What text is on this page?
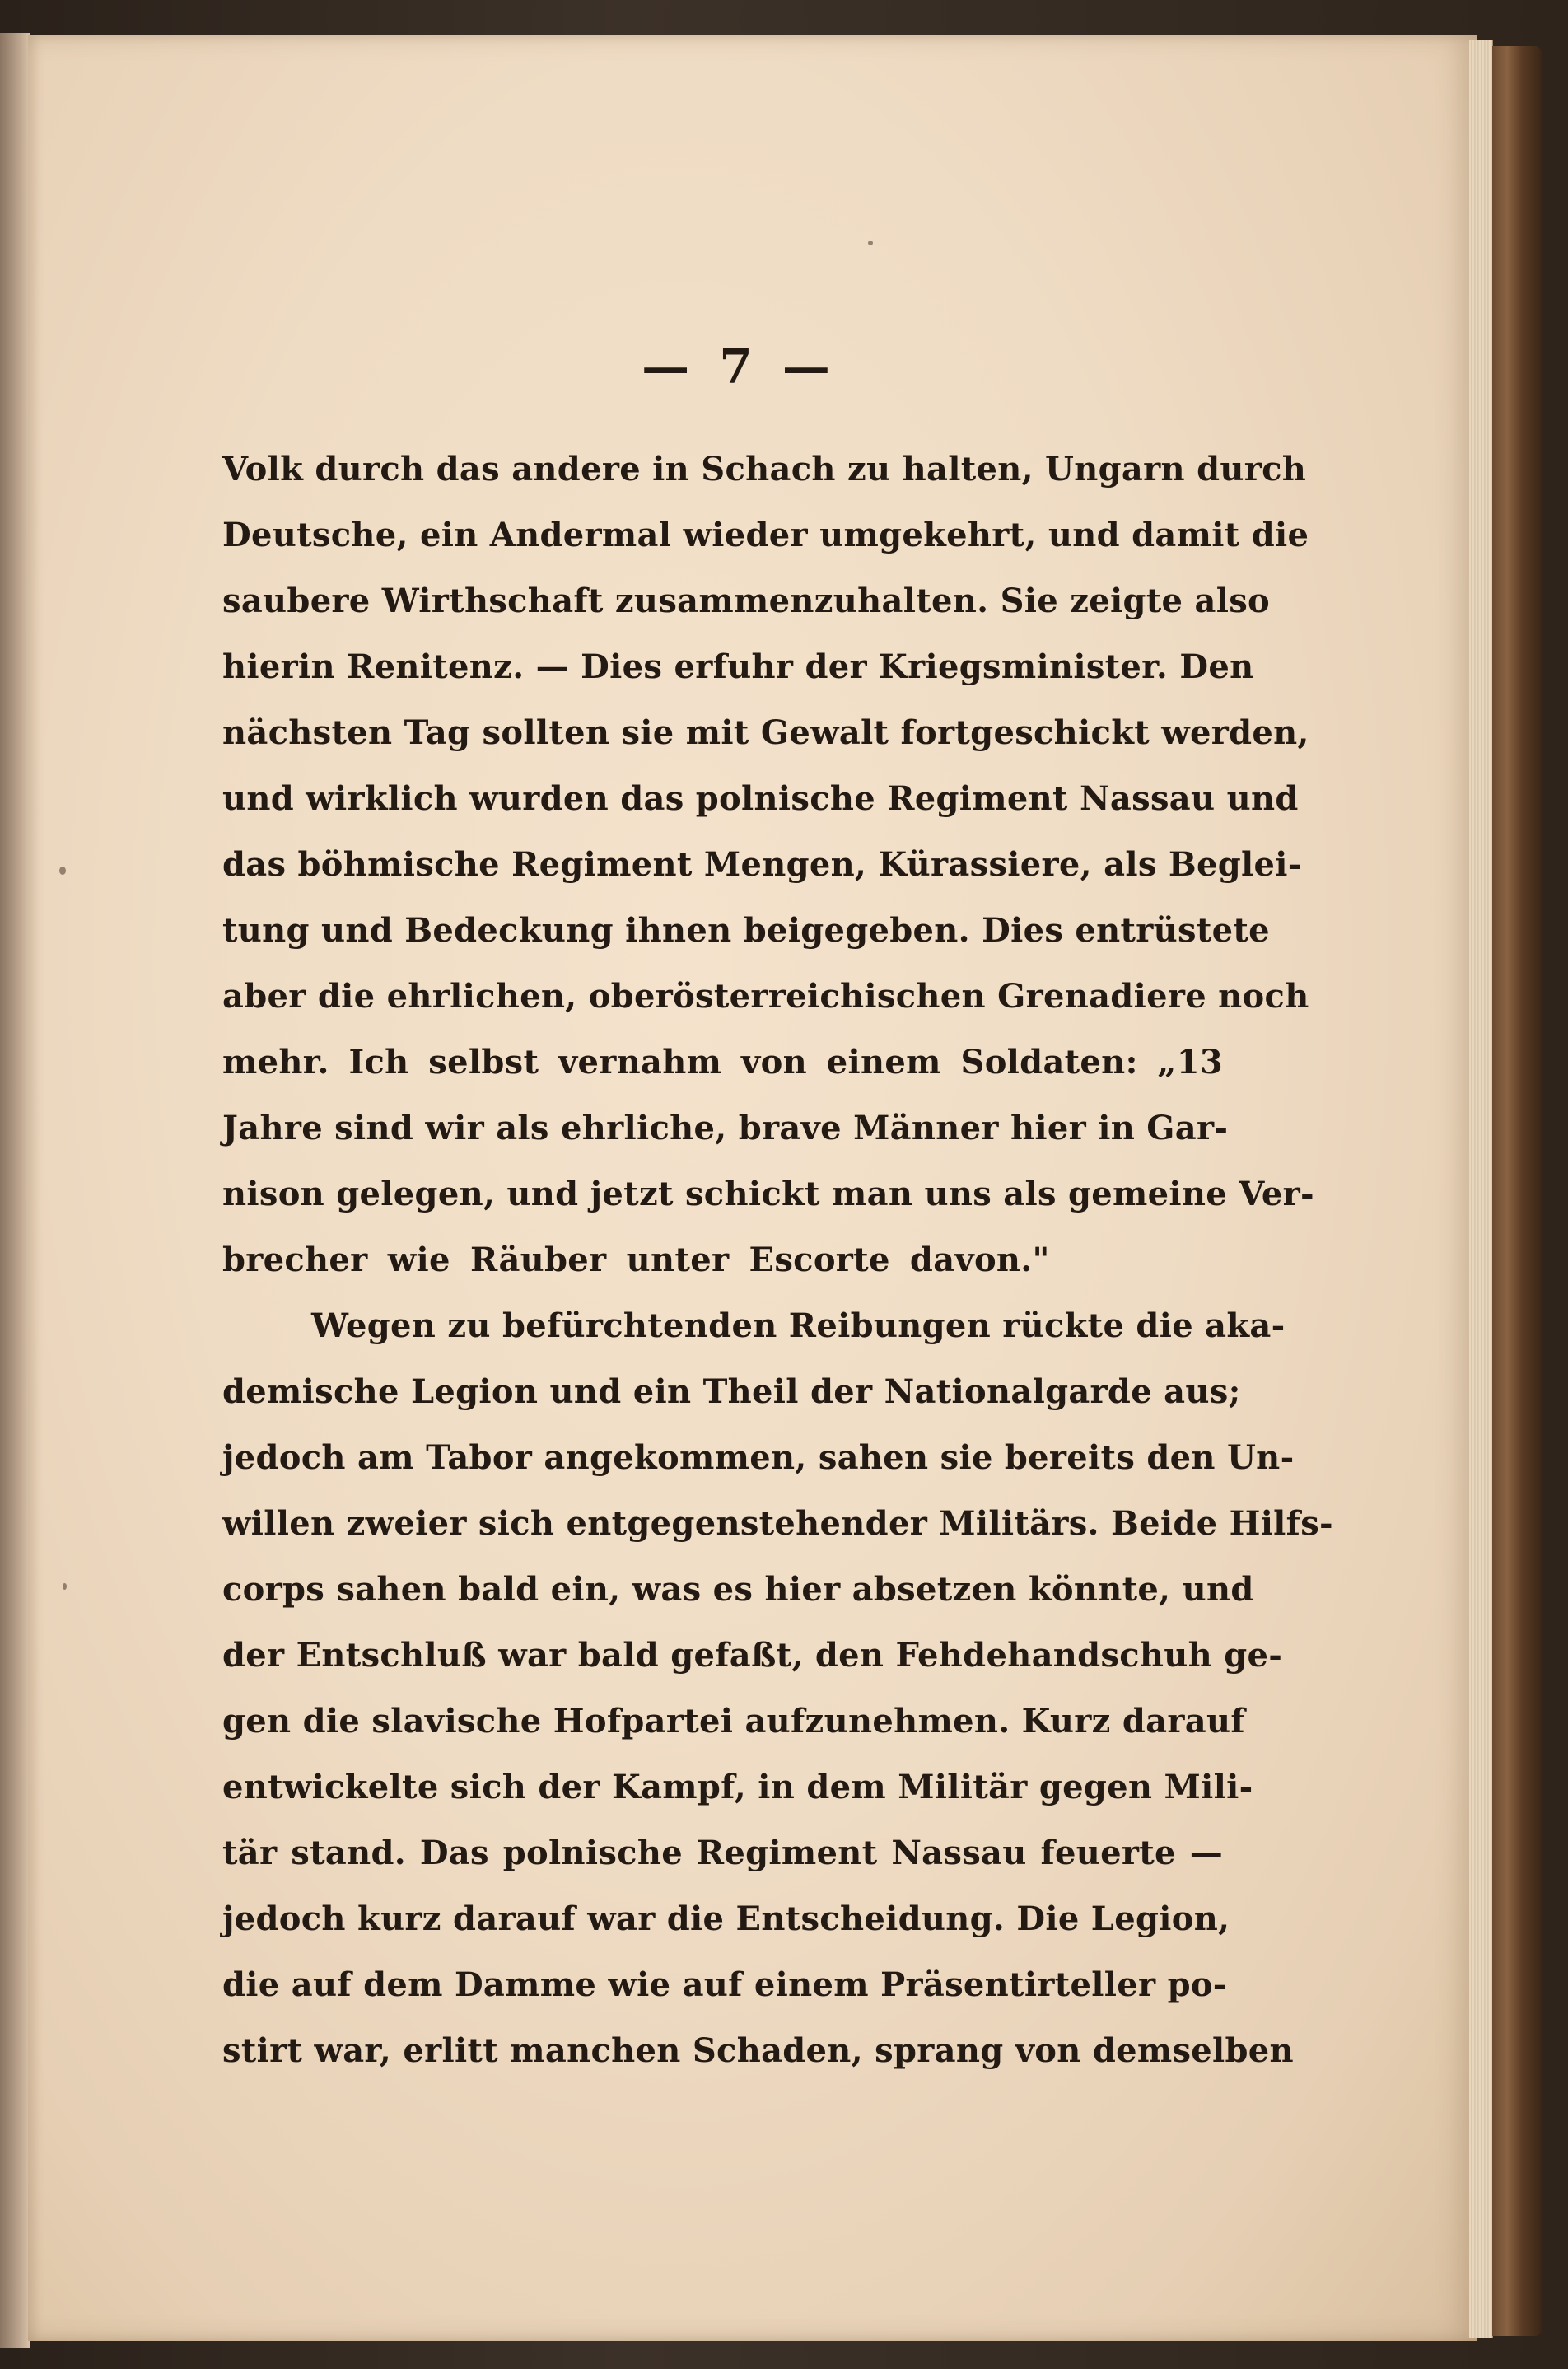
— 7 —
Volk durch das andere in Schach zu halten, Ungarn durch
Deutsche, ein Andermal wieder umgekehrt, und damit die
saubere Wirthschaft zusammenzuhalten. Sie zeigte also
hierin Renitenz. — Dies erfuhr der Kriegsminister. Den
nächsten Tag sollten sie mit Gewalt fortgeschickt werden,
und wirklich wurden das polnische Regiment Nassau und
das böhmische Regiment Mengen, Kürassiere, als Beglei-
tung und Bedeckung ihnen beigegeben. Dies entrüstete
aber die ehrlichen, oberösterreichischen Grenadiere noch
mehr. Ich selbst vernahm von einem Soldaten: „13
Jahre sind wir als ehrliche, brave Männer hier in Gar-
nison gelegen, und jetzt schickt man uns als gemeine Ver-
brecher wie Räuber unter Escorte davon."
Wegen zu befürchtenden Reibungen rückte die aka-
demische Legion und ein Theil der Nationalgarde aus;
jedoch am Tabor angekommen, sahen sie bereits den Un-
willen zweier sich entgegenstehender Militärs. Beide Hilfs-
corps sahen bald ein, was es hier absetzen könnte, und
der Entschluß war bald gefaßt, den Fehdehandschuh ge-
gen die slavische Hofpartei aufzunehmen. Kurz darauf
entwickelte sich der Kampf, in dem Militär gegen Mili-
tär stand. Das polnische Regiment Nassau feuerte —
jedoch kurz darauf war die Entscheidung. Die Legion,
die auf dem Damme wie auf einem Präsentirteller po-
stirt war, erlitt manchen Schaden, sprang von demselben
